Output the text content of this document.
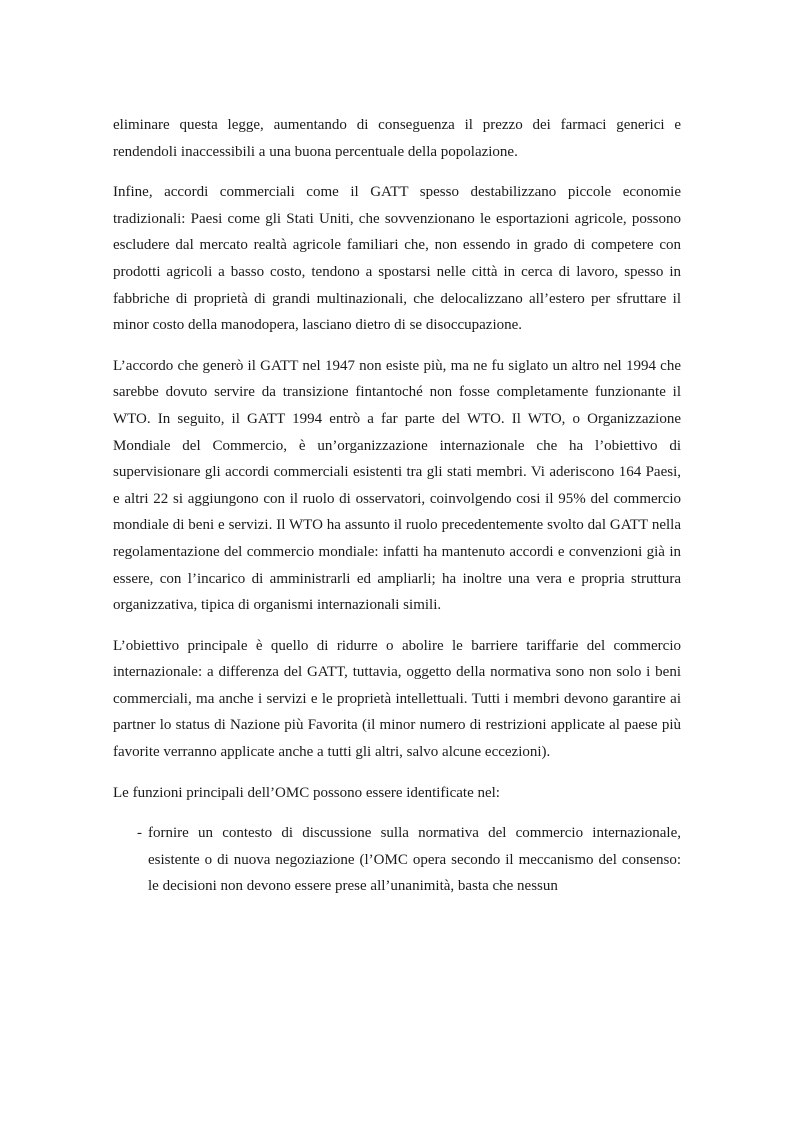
eliminare questa legge, aumentando di conseguenza il prezzo dei farmaci generici e rendendoli inaccessibili a una buona percentuale della popolazione.

Infine, accordi commerciali come il GATT spesso destabilizzano piccole economie tradizionali: Paesi come gli Stati Uniti, che sovvenzionano le esportazioni agricole, possono escludere dal mercato realtà agricole familiari che, non essendo in grado di competere con prodotti agricoli a basso costo, tendono a spostarsi nelle città in cerca di lavoro, spesso in fabbriche di proprietà di grandi multinazionali, che delocalizzano all’estero per sfruttare il minor costo della manodopera, lasciano dietro di se disoccupazione.

L’accordo che generò il GATT nel 1947 non esiste più, ma ne fu siglato un altro nel 1994 che sarebbe dovuto servire da transizione fintantoché non fosse completamente funzionante il WTO. In seguito, il GATT 1994 entrò a far parte del WTO. Il WTO, o Organizzazione Mondiale del Commercio, è un’organizzazione internazionale che ha l’obiettivo di supervisionare gli accordi commerciali esistenti tra gli stati membri. Vi aderiscono 164 Paesi, e altri 22 si aggiungono con il ruolo di osservatori, coinvolgendo cosi il 95% del commercio mondiale di beni e servizi. Il WTO ha assunto il ruolo precedentemente svolto dal GATT nella regolamentazione del commercio mondiale: infatti ha mantenuto accordi e convenzioni già in essere, con l’incarico di amministrarli ed ampliarli; ha inoltre una vera e propria struttura organizzativa, tipica di organismi internazionali simili.

L’obiettivo principale è quello di ridurre o abolire le barriere tariffarie del commercio internazionale: a differenza del GATT, tuttavia, oggetto della normativa sono non solo i beni commerciali, ma anche i servizi e le proprietà intellettuali. Tutti i membri devono garantire ai partner lo status di Nazione più Favorita (il minor numero di restrizioni applicate al paese più favorite verranno applicate anche a tutti gli altri, salvo alcune eccezioni).

Le funzioni principali dell’OMC possono essere identificate nel:

- fornire un contesto di discussione sulla normativa del commercio internazionale, esistente o di nuova negoziazione (l’OMC opera secondo il meccanismo del consenso: le decisioni non devono essere prese all’unanimità, basta che nessun
